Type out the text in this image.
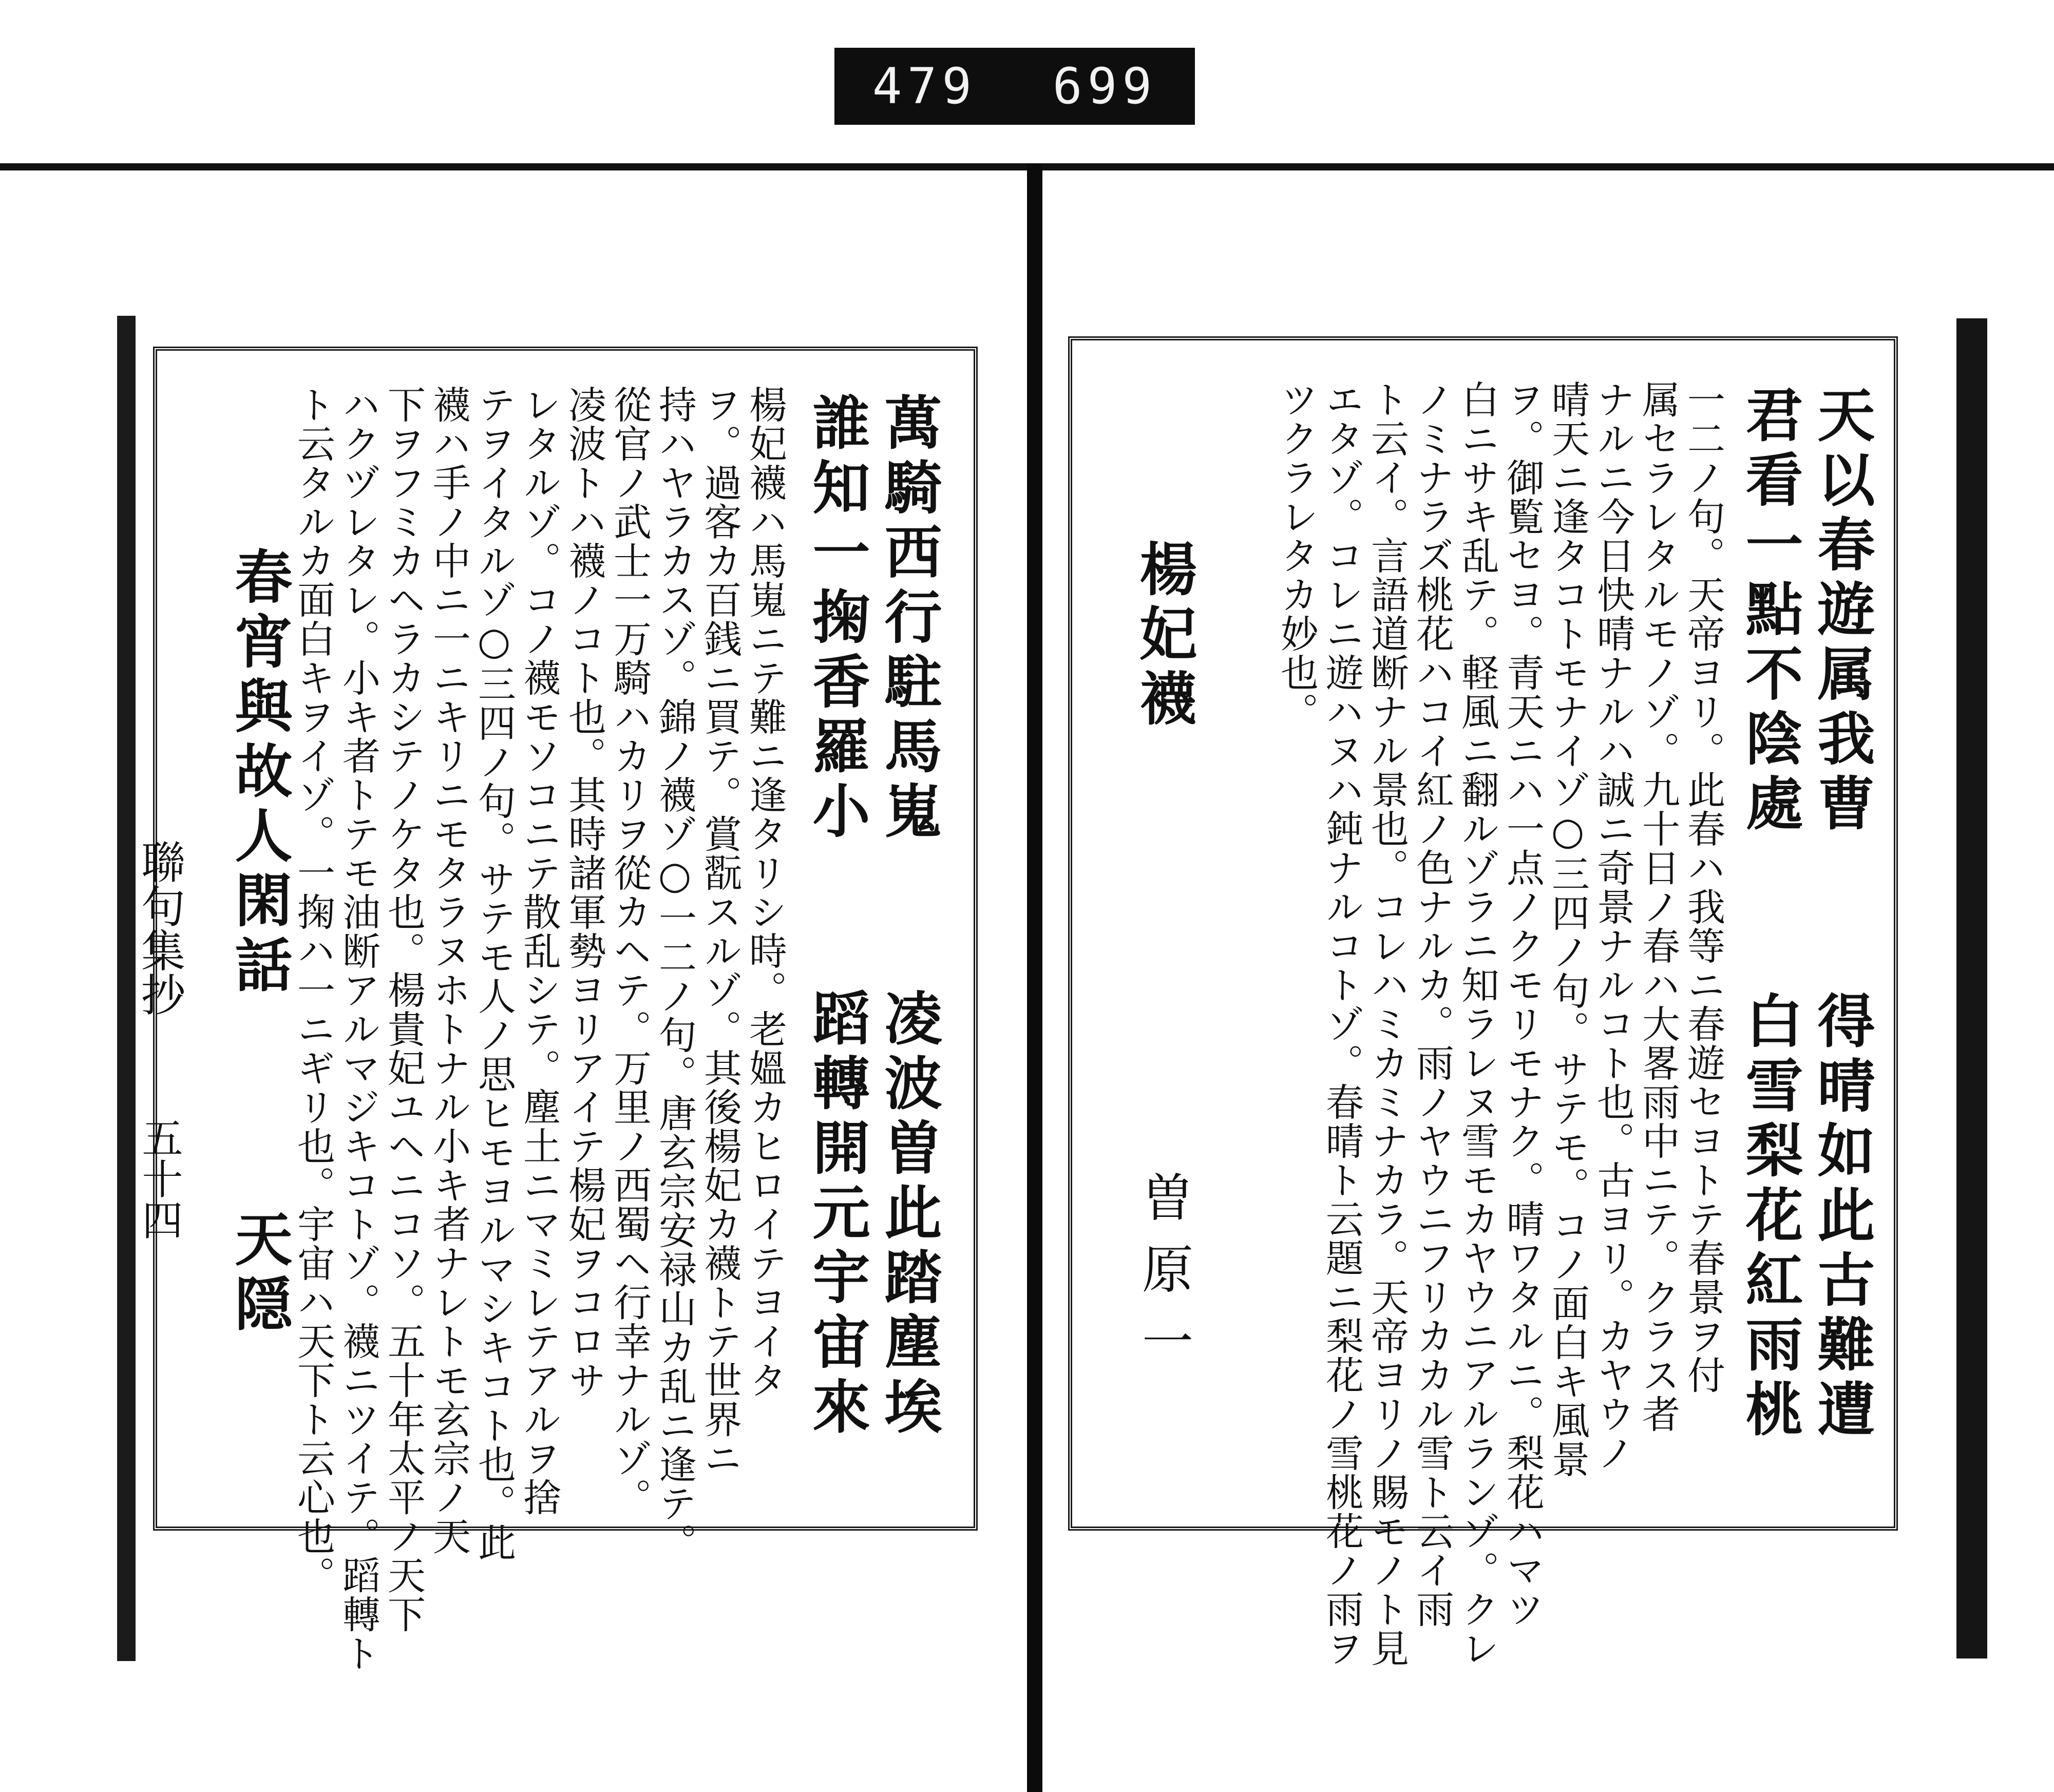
479 699
聯句集抄
五十四
萬騎西行駐馬嵬
凌波曽此踏塵埃
誰知一掬香羅小
蹈轉開元宇宙來
楊妃襪ハ馬嵬ニテ難ニ逢タリシ時。老媼カヒロイテヨイタ
ヲ。過客カ百銭ニ買テ。賞翫スルゾ。其後楊妃カ襪トテ世界ニ
持ハヤラカスゾ。錦ノ襪ゾ○一二ノ句。唐玄宗安禄山カ乱ニ逢テ。
從官ノ武士一万騎ハカリヲ從カヘテ。万里ノ西蜀ヘ行幸ナルゾ。
凌波トハ襪ノコト也。其時諸軍勢ヨリアイテ楊妃ヲコロサ
レタルゾ。コノ襪モソコニテ散乱シテ。塵土ニマミレテアルヲ捨
テヲイタルゾ○三四ノ句。サテモ人ノ思ヒモヨルマシキコト也。此
襪ハ手ノ中ニ一ニキリニモタラヌホトナル小キ者ナレトモ玄宗ノ天
下ヲフミカヘラカシテノケタ也。楊貴妃ユヘニコソ。五十年太平ノ天下
ハクヅレタレ。小キ者トテモ油断アルマジキコトゾ。襪ニツイテ。蹈轉ト
ト云タルカ面白キヲイゾ。一掬ハ一ニギリ也。宇宙ハ天下ト云心也。
春宵與故人閑話
天隠
天以春遊属我曹
得晴如此古難遭
君看一點不陰處
白雪梨花紅雨桃
一二ノ句。天帝ヨリ。此春ハ我等ニ春遊セヨトテ春景ヲ付
属セラレタルモノゾ。九十日ノ春ハ大畧雨中ニテ。クラス者
ナルニ今日快晴ナルハ誠ニ奇景ナルコト也。古ヨリ。カヤウノ
晴天ニ逢タコトモナイゾ○三四ノ句。サテモ。コノ面白キ風景
ヲ。御覧セヨ。青天ニハ一点ノクモリモナク。晴ワタルニ。梨花ハマツ
白ニサキ乱テ。軽風ニ翻ルゾラニ知ラレヌ雪モカヤウニアルランゾ。クレ
ノミナラズ桃花ハコイ紅ノ色ナルカ。雨ノヤウニフリカカル雪ト云イ雨
ト云イ。言語道断ナル景也。コレハミカミナカラ。天帝ヨリノ賜モノト見
エタゾ。コレニ遊ハヌハ鈍ナルコトゾ。春晴ト云題ニ梨花ノ雪桃花ノ雨ヲ
ツクラレタカ妙也。
楊妃襪
曽原一
